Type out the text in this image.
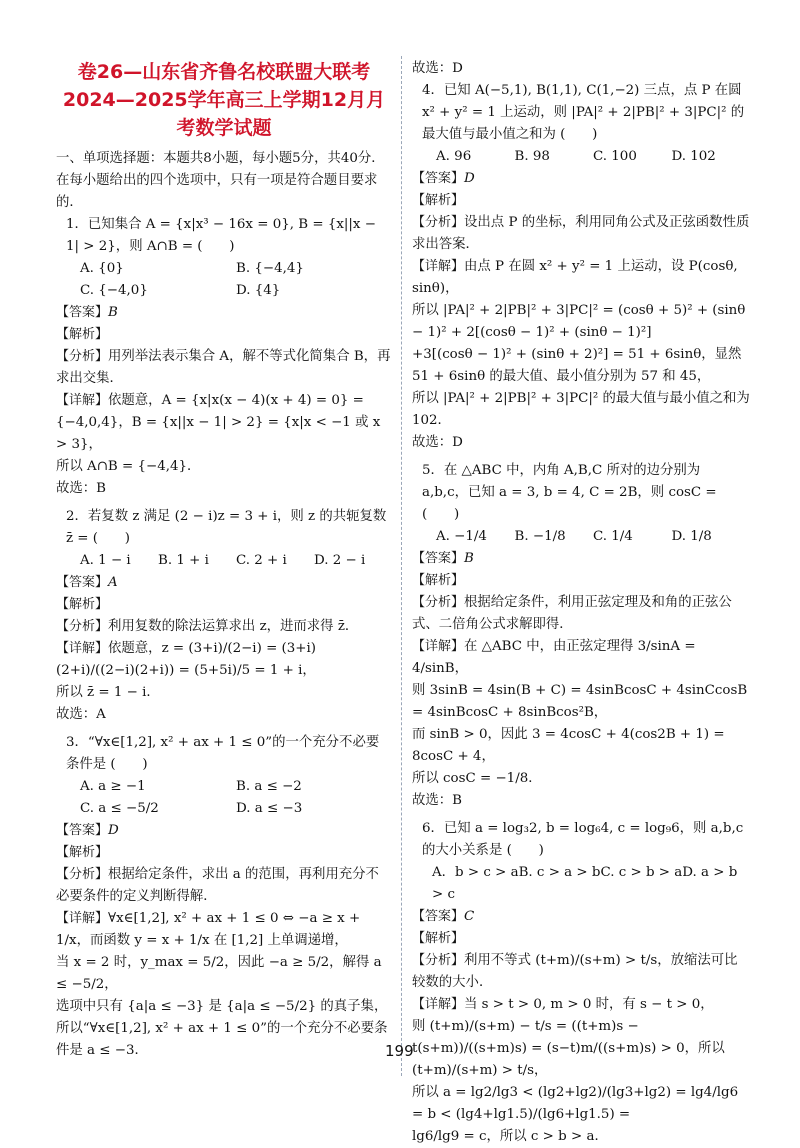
卷26—山东省齐鲁名校联盟大联考2024—2025学年高三上学期12月月考数学试题

一、单项选择题：本题共8小题，每小题5分，共40分．在每小题给出的四个选项中，只有一项是符合题目要求的．

1．已知集合 A = {x|x³ − 16x = 0}, B = {x||x − 1| > 2}，则 A∩B = (　　)

A. {0}	B. {−4,4}
C. {−4,0}	D. {4}

【答案】B

【解析】

【分析】用列举法表示集合 A，解不等式化简集合 B，再求出交集．

【详解】依题意，A = {x|x(x − 4)(x + 4) = 0} = {−4,0,4}，B = {x||x − 1| > 2} = {x|x < −1 或 x > 3}，

所以 A∩B = {−4,4}．

故选：B

2．若复数 z 满足 (2 − i)z = 3 + i，则 z 的共轭复数 z̄ = (　　)

A. 1 − i	B. 1 + i	C. 2 + i	D. 2 − i

【答案】A

【解析】

【分析】利用复数的除法运算求出 z，进而求得 z̄．

【详解】依题意，z = (3+i)/(2−i) = (3+i)(2+i)/((2−i)(2+i)) = (5+5i)/5 = 1 + i，

所以 z̄ = 1 − i．

故选：A

3．“∀x∈[1,2], x² + ax + 1 ≤ 0”的一个充分不必要条件是 (　　)

A. a ≥ −1	B. a ≤ −2
C. a ≤ −5/2	D. a ≤ −3

【答案】D

【解析】

【分析】根据给定条件，求出 a 的范围，再利用充分不必要条件的定义判断得解．

【详解】∀x∈[1,2], x² + ax + 1 ≤ 0 ⇔ −a ≥ x + 1/x，而函数 y = x + 1/x 在 [1,2] 上单调递增，

当 x = 2 时，y_max = 5/2，因此 −a ≥ 5/2，解得 a ≤ −5/2，

选项中只有 {a|a ≤ −3} 是 {a|a ≤ −5/2} 的真子集，

所以“∀x∈[1,2], x² + ax + 1 ≤ 0”的一个充分不必要条件是 a ≤ −3．

故选：D

4．已知 A(−5,1), B(1,1), C(1,−2) 三点，点 P 在圆 x² + y² = 1 上运动，则 |PA|² + 2|PB|² + 3|PC|² 的最大值与最小值之和为 (　　)

A. 96	B. 98	C. 100	D. 102

【答案】D

【解析】

【分析】设出点 P 的坐标，利用同角公式及正弦函数性质求出答案．

【详解】由点 P 在圆 x² + y² = 1 上运动，设 P(cosθ, sinθ)，

所以 |PA|² + 2|PB|² + 3|PC|² = (cosθ + 5)² + (sinθ − 1)² + 2[(cosθ − 1)² + (sinθ − 1)²]

+3[(cosθ − 1)² + (sinθ + 2)²] = 51 + 6sinθ，显然 51 + 6sinθ 的最大值、最小值分别为 57 和 45，

所以 |PA|² + 2|PB|² + 3|PC|² 的最大值与最小值之和为 102．

故选：D

5．在 △ABC 中，内角 A,B,C 所对的边分别为 a,b,c，已知 a = 3, b = 4, C = 2B，则 cosC = (　　)

A. −1/4	B. −1/8	C. 1/4	D. 1/8

【答案】B

【解析】

【分析】根据给定条件，利用正弦定理及和角的正弦公式、二倍角公式求解即得．

【详解】在 △ABC 中，由正弦定理得 3/sinA = 4/sinB，

则 3sinB = 4sin(B + C) = 4sinBcosC + 4sinCcosB = 4sinBcosC + 8sinBcos²B，

而 sinB > 0，因此 3 = 4cosC + 4(cos2B + 1) = 8cosC + 4，

所以 cosC = −1/8．

故选：B

6．已知 a = log₃2, b = log₆4, c = log₉6，则 a,b,c 的大小关系是 (　　)

A．b > c > aB. c > a > bC. c > b > aD. a > b > c

【答案】C

【解析】

【分析】利用不等式 (t+m)/(s+m) > t/s，放缩法可比较数的大小．

【详解】当 s > t > 0, m > 0 时，有 s − t > 0，

则 (t+m)/(s+m) − t/s = ((t+m)s − t(s+m))/((s+m)s) = (s−t)m/((s+m)s) > 0，所以 (t+m)/(s+m) > t/s，

所以 a = lg2/lg3 < (lg2+lg2)/(lg3+lg2) = lg4/lg6 = b < (lg4+lg1.5)/(lg6+lg1.5) =

lg6/lg9 = c，所以 c > b > a．

199
